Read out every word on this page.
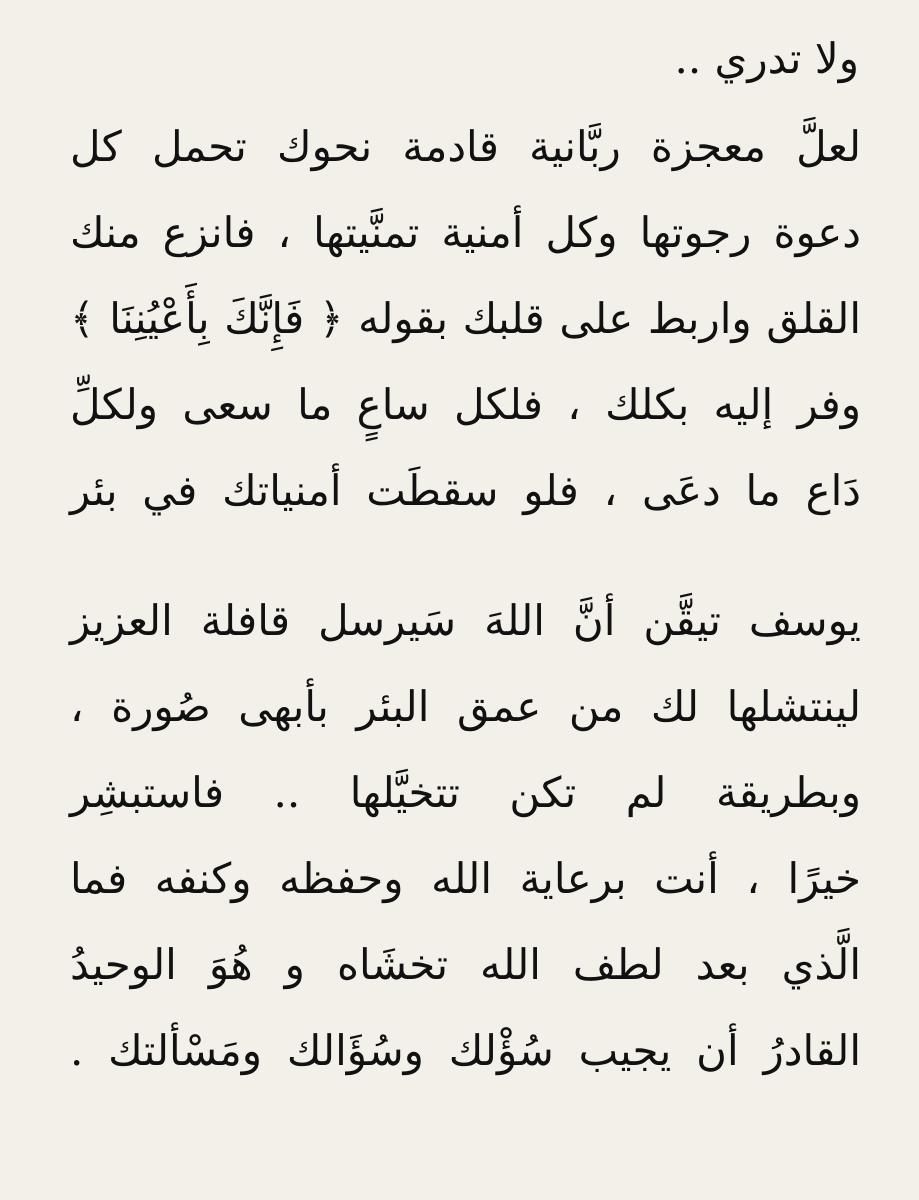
ولا تدري ..
لعلَّ معجزة ربَّانية قادمة نحوك تحمل كل
دعوة رجوتها وكل أمنية تمنَّيتها ، فانزع منك
القلق واربط على قلبك بقوله ﴿ فَإِنَّكَ بِأَعْيُنِنَا ﴾
وفر إليه بكلك ، فلكل ساعٍ ما سعى ولكلِّ
دَاع ما دعَى ، فلو سقطَت أمنياتك في بئر
يوسف تيقَّن أنَّ اللهَ سَيرسل قافلة العزيز
لينتشلها لك من عمق البئر بأبهى صُورة ،
وبطريقة لم تكن تتخيَّلها .. فاستبشِر
خيرًا ، أنت برعاية الله وحفظه وكنفه فما
الَّذي بعد لطف الله تخشَاه و هُوَ الوحيدُ
القادرُ أن يجيب سُؤْلك وسُؤَالك ومَسْألتك .
